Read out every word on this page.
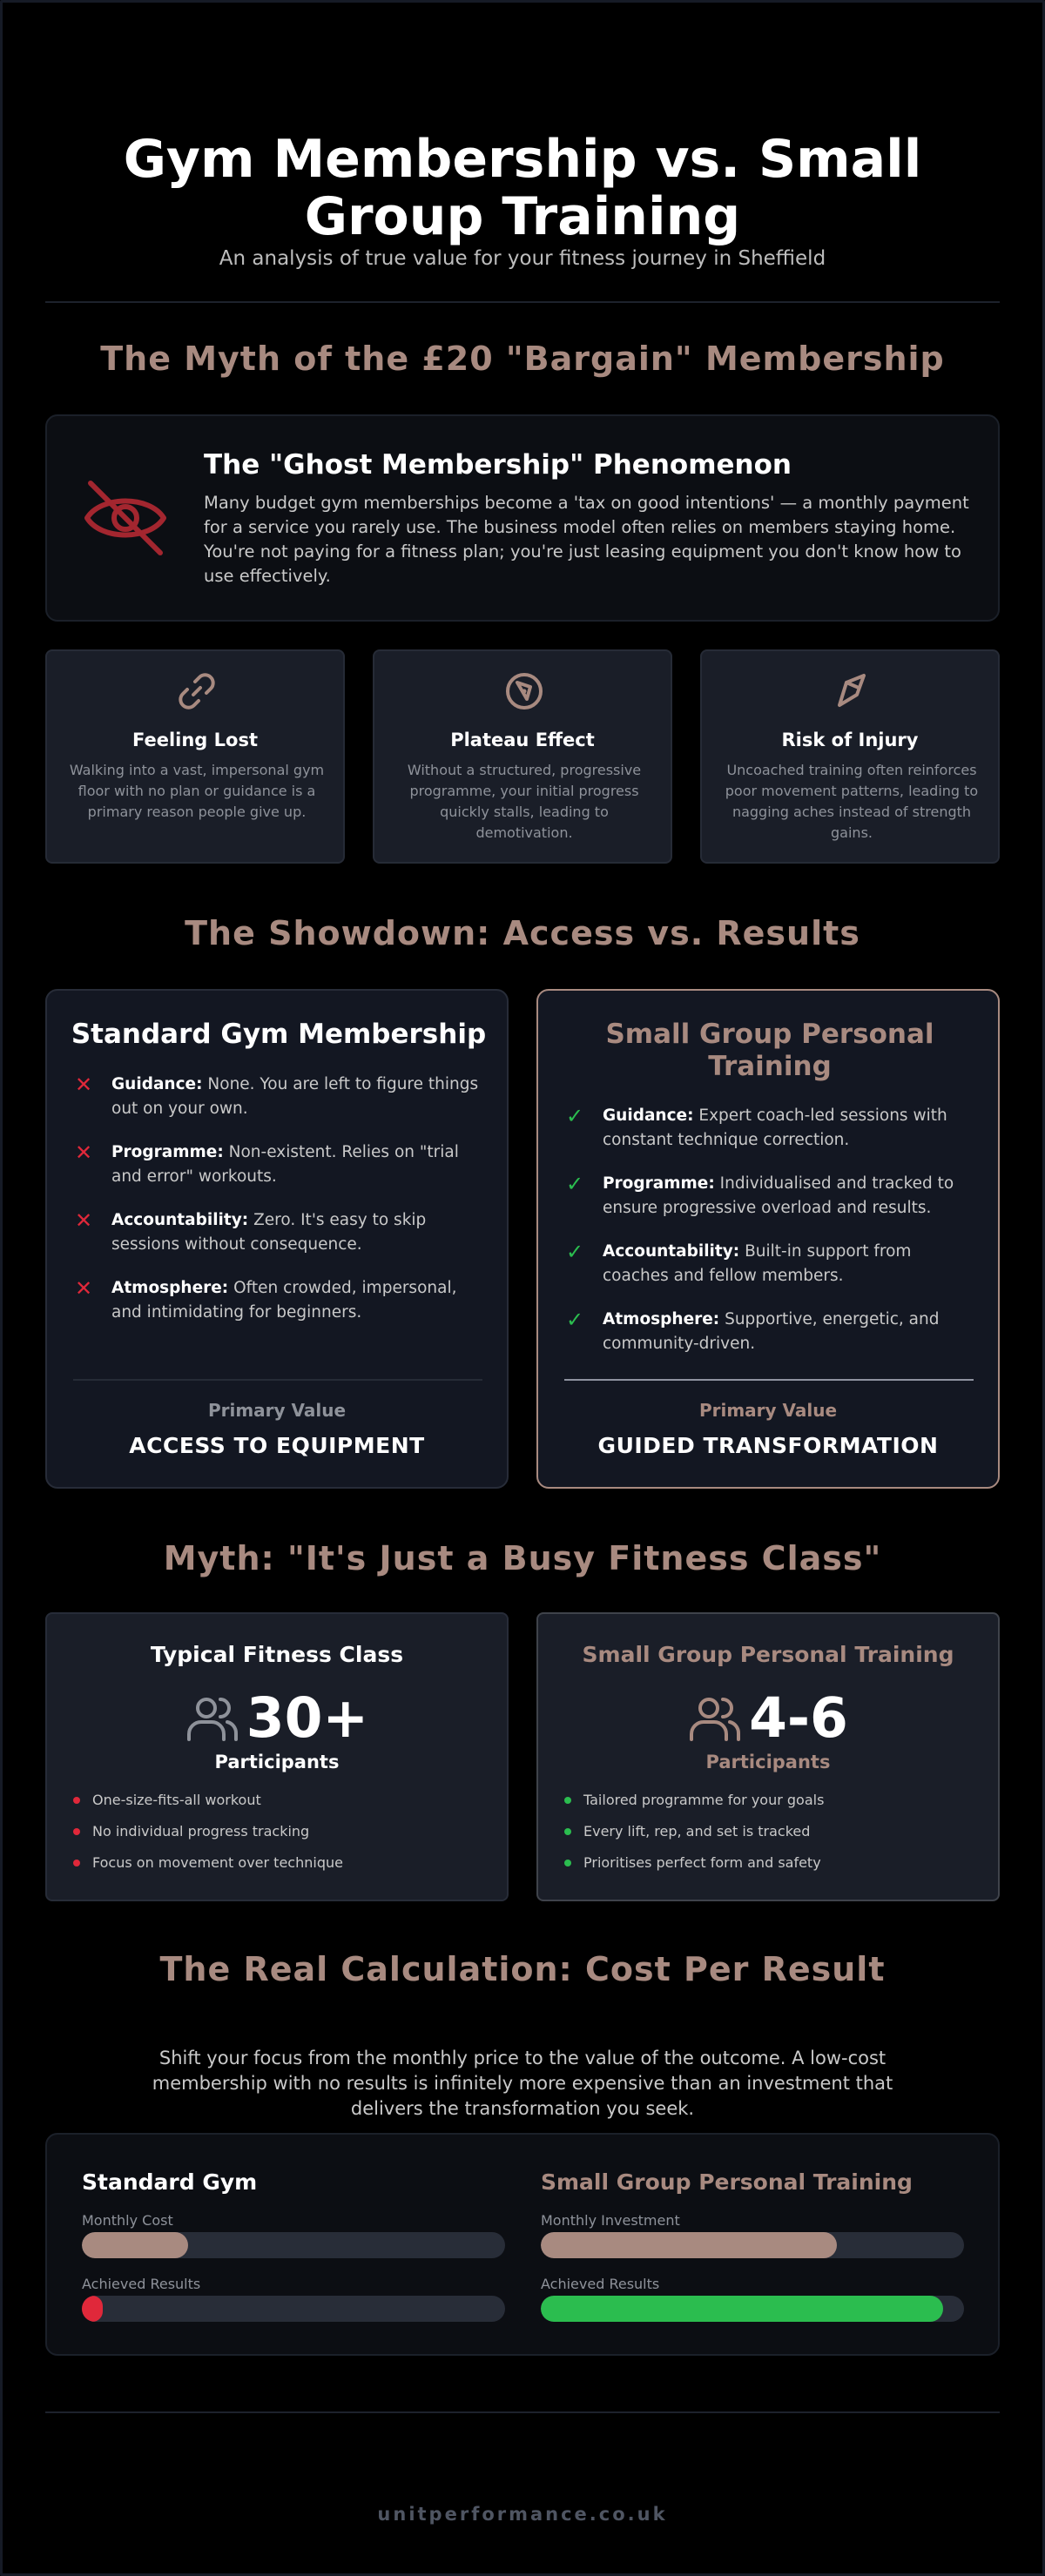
Gym Membership vs. Small Group Training
An analysis of true value for your fitness journey in Sheffield
The Myth of the £20 "Bargain" Membership
The "Ghost Membership" Phenomenon
Many budget gym memberships become a 'tax on good intentions' — a monthly payment for a service you rarely use. The business model often relies on members staying home. You're not paying for a fitness plan; you're just leasing equipment you don't know how to use effectively.
Feeling Lost
Walking into a vast, impersonal gym floor with no plan or guidance is a primary reason people give up.
Plateau Effect
Without a structured, progressive programme, your initial progress quickly stalls, leading to demotivation.
Risk of Injury
Uncoached training often reinforces poor movement patterns, leading to nagging aches instead of strength gains.
The Showdown: Access vs. Results
Standard Gym Membership
✕ Guidance: None. You are left to figure things out on your own.
✕ Programme: Non-existent. Relies on "trial and error" workouts.
✕ Accountability: Zero. It's easy to skip sessions without consequence.
✕ Atmosphere: Often crowded, impersonal, and intimidating for beginners.
Primary Value
ACCESS TO EQUIPMENT
Small Group Personal Training
✓ Guidance: Expert coach-led sessions with constant technique correction.
✓ Programme: Individualised and tracked to ensure progressive overload and results.
✓ Accountability: Built-in support from coaches and fellow members.
✓ Atmosphere: Supportive, energetic, and community-driven.
Primary Value
GUIDED TRANSFORMATION
Myth: "It's Just a Busy Fitness Class"
Typical Fitness Class
30+
Participants
One-size-fits-all workout
No individual progress tracking
Focus on movement over technique
Small Group Personal Training
4-6
Participants
Tailored programme for your goals
Every lift, rep, and set is tracked
Prioritises perfect form and safety
The Real Calculation: Cost Per Result
Shift your focus from the monthly price to the value of the outcome. A low-cost membership with no results is infinitely more expensive than an investment that delivers the transformation you seek.
Standard Gym
Monthly Cost
Achieved Results
Small Group Personal Training
Monthly Investment
Achieved Results
unitperformance.co.uk
